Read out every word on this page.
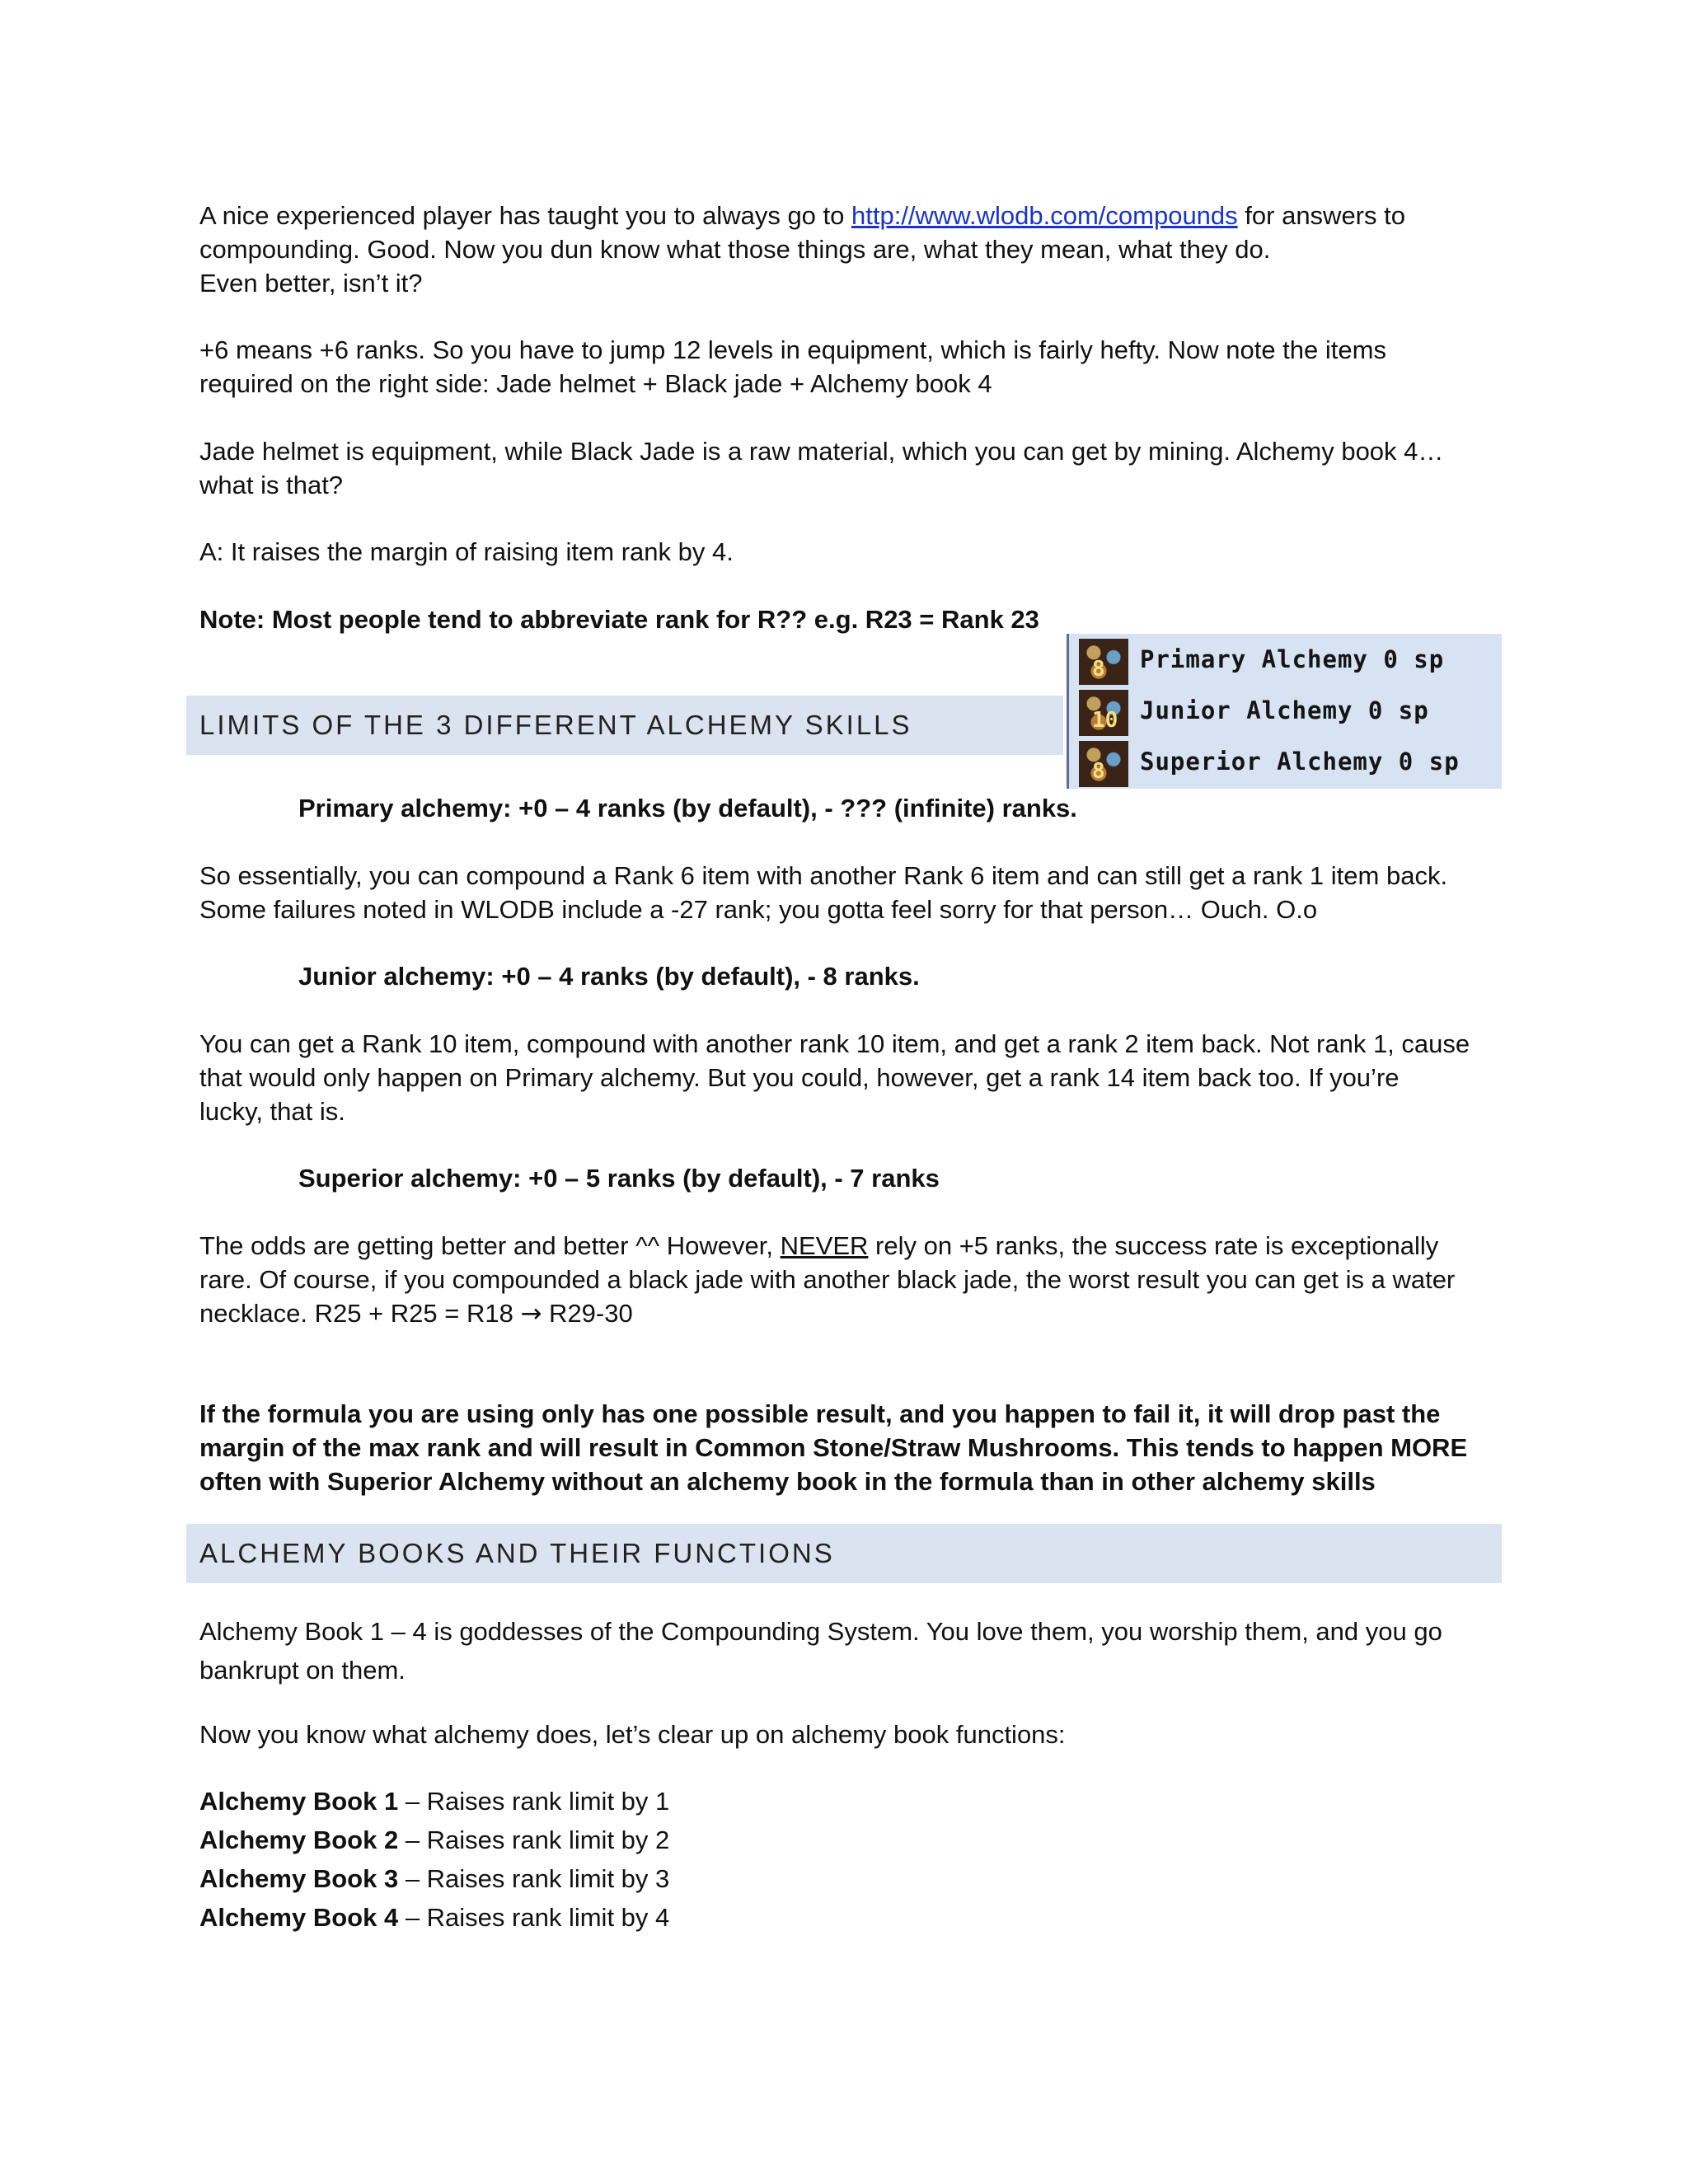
A nice experienced player has taught you to always go to http://www.wlodb.com/compounds for answers to
compounding. Good. Now you dun know what those things are, what they mean, what they do.
Even better, isn’t it?

+6 means +6 ranks. So you have to jump 12 levels in equipment, which is fairly hefty. Now note the items
required on the right side: Jade helmet + Black jade + Alchemy book 4

Jade helmet is equipment, while Black Jade is a raw material, which you can get by mining. Alchemy book 4…
what is that?

A: It raises the margin of raising item rank by 4.

Note: Most people tend to abbreviate rank for R?? e.g. R23 = Rank 23

8 Primary Alchemy 0 sp
10 Junior Alchemy 0 sp
8 Superior Alchemy 0 sp
LIMITS OF THE 3 DIFFERENT ALCHEMY SKILLS
Primary alchemy: +0 – 4 ranks (by default), - ??? (infinite) ranks.

So essentially, you can compound a Rank 6 item with another Rank 6 item and can still get a rank 1 item back.
Some failures noted in WLODB include a -27 rank; you gotta feel sorry for that person… Ouch. O.o

Junior alchemy: +0 – 4 ranks (by default), - 8 ranks.

You can get a Rank 10 item, compound with another rank 10 item, and get a rank 2 item back. Not rank 1, cause
that would only happen on Primary alchemy. But you could, however, get a rank 14 item back too. If you’re
lucky, that is.

Superior alchemy: +0 – 5 ranks (by default), - 7 ranks

The odds are getting better and better ^^ However, NEVER rely on +5 ranks, the success rate is exceptionally
rare. Of course, if you compounded a black jade with another black jade, the worst result you can get is a water
necklace. R25 + R25 = R18 → R29-30

If the formula you are using only has one possible result, and you happen to fail it, it will drop past the
margin of the max rank and will result in Common Stone/Straw Mushrooms. This tends to happen MORE
often with Superior Alchemy without an alchemy book in the formula than in other alchemy skills

ALCHEMY BOOKS AND THEIR FUNCTIONS

Alchemy Book 1 – 4 is goddesses of the Compounding System. You love them, you worship them, and you go
bankrupt on them.

Now you know what alchemy does, let’s clear up on alchemy book functions:

Alchemy Book 1 – Raises rank limit by 1
Alchemy Book 2 – Raises rank limit by 2
Alchemy Book 3 – Raises rank limit by 3
Alchemy Book 4 – Raises rank limit by 4
